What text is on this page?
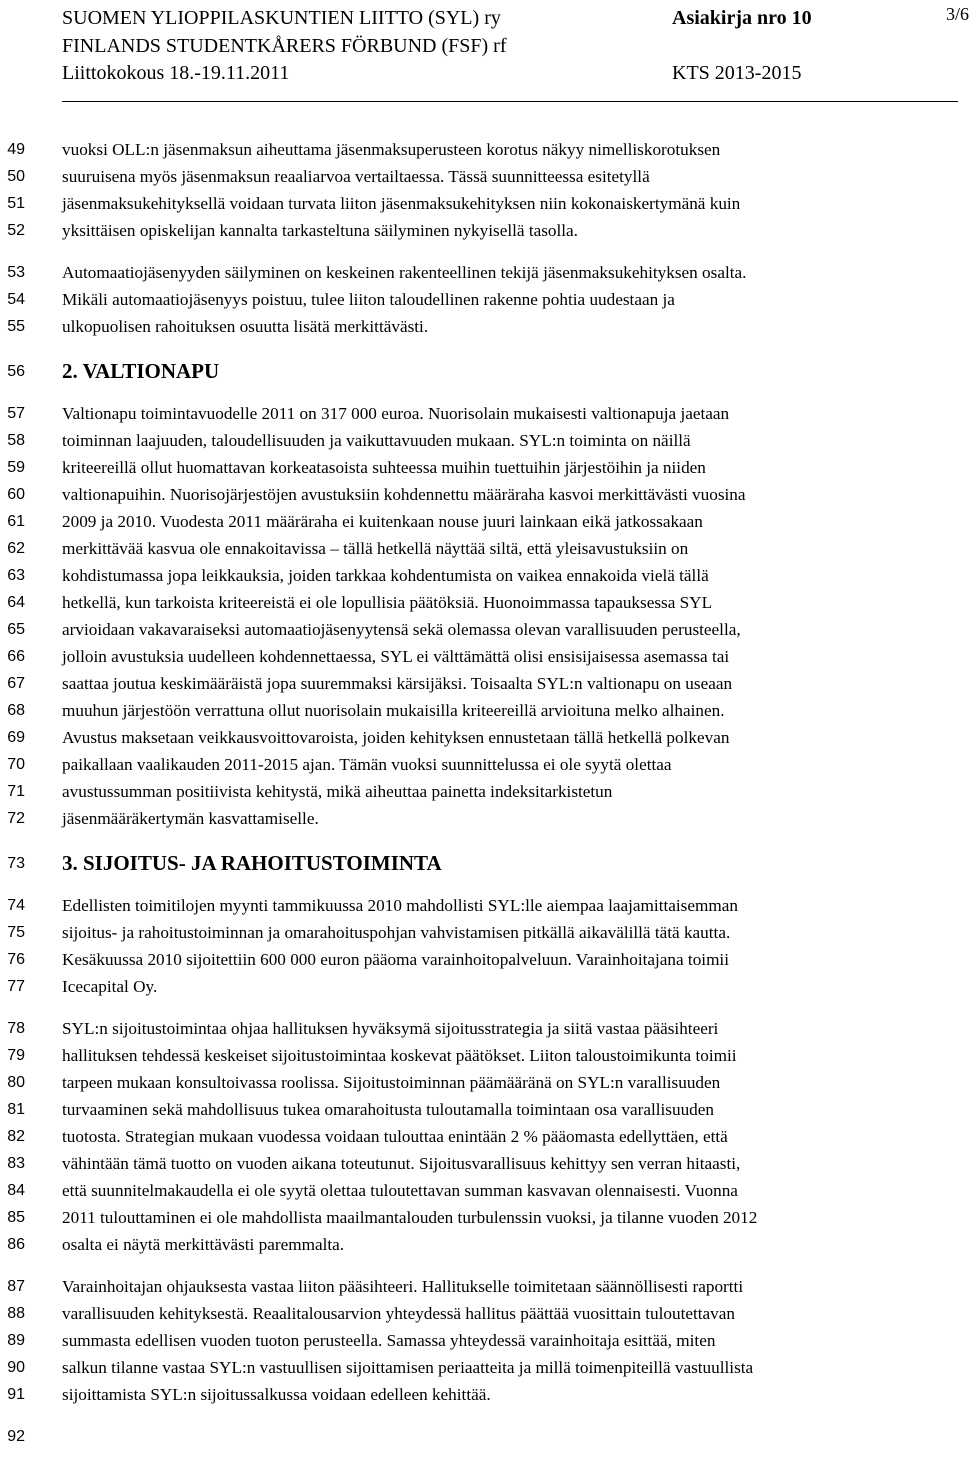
SUOMEN YLIOPPILASKUNTIEN LIITTO (SYL) ry	Asiakirja nro 10	3/6
FINLANDS STUDENTKÅRERS FÖRBUND (FSF) rf
Liittokokous 18.-19.11.2011	KTS 2013-2015
49 vuoksi OLL:n jäsenmaksun aiheuttama jäsenmaksuperusteen korotus näkyy nimelliskorotuksen
50 suuruisena myös jäsenmaksun reaaliarvoa vertailtaessa. Tässä suunnitteessa esitetyllä
51 jäsenmaksukehityksellä voidaan turvata liiton jäsenmaksukehityksen niin kokonaiskertymänä kuin
52 yksittäisen opiskelijan kannalta tarkasteltuna säilyminen nykyisellä tasolla.
53 Automaatiojäsenyyden säilyminen on keskeinen rakenteellinen tekijä jäsenmaksukehityksen osalta.
54 Mikäli automaatiojäsenyys poistuu, tulee liiton taloudellinen rakenne pohtia uudestaan ja
55 ulkopuolisen rahoituksen osuutta lisätä merkittävästi.
56 2. VALTIONAPU
57 Valtionapu toimintavuodelle 2011 on 317 000 euroa. Nuorisolain mukaisesti valtionapuja jaetaan
58 toiminnan laajuuden, taloudellisuuden ja vaikuttavuuden mukaan. SYL:n toiminta on näillä
59 kriteereillä ollut huomattavan korkeatasoista suhteessa muihin tuettuihin järjestöihin ja niiden
60 valtionapuihin. Nuorisojärjestöjen avustuksiin kohdennettu määräraha kasvoi merkittävästi vuosina
61 2009 ja 2010. Vuodesta 2011 määräraha ei kuitenkaan nouse juuri lainkaan eikä jatkossakaan
62 merkittävää kasvua ole ennakoitavissa – tällä hetkellä näyttää siltä, että yleisavustuksiin on
63 kohdistumassa jopa leikkauksia, joiden tarkkaa kohdentumista on vaikea ennakoida vielä tällä
64 hetkellä, kun tarkoista kriteereistä ei ole lopullisia päätöksiä. Huonoimmassa tapauksessa SYL
65 arvioidaan vakavaraiseksi automaatiojäsenyytensä sekä olemassa olevan varallisuuden perusteella,
66 jolloin avustuksia uudelleen kohdennettaessa, SYL ei välttämättä olisi ensisijaisessa asemassa tai
67 saattaa joutua keskimääräistä jopa suuremmaksi kärsijäksi. Toisaalta SYL:n valtionapu on useaan
68 muuhun järjestöön verrattuna ollut nuorisolain mukaisilla kriteereillä arvioituna melko alhainen.
69 Avustus maksetaan veikkausvoittovaroista, joiden kehityksen ennustetaan tällä hetkellä polkevan
70 paikallaan vaalikauden 2011-2015 ajan. Tämän vuoksi suunnittelussa ei ole syytä olettaa
71 avustussumman positiivista kehitystä, mikä aiheuttaa painetta indeksitarkistetun
72 jäsenmääräkertymän kasvattamiselle.
73 3. SIJOITUS- JA RAHOITUSTOIMINTA
74 Edellisten toimitilojen myynti tammikuussa 2010 mahdollisti SYL:lle aiempaa laajamittaisemman
75 sijoitus- ja rahoitustoiminnan ja omarahoituspohjan vahvistamisen pitkällä aikavälillä tätä kautta.
76 Kesäkuussa 2010 sijoitettiin 600 000 euron pääoma varainhoitopalveluun. Varainhoitajana toimii
77 Icecapital Oy.
78 SYL:n sijoitustoimintaa ohjaa hallituksen hyväksymä sijoitusstrategia ja siitä vastaa pääsihteeri
79 hallituksen tehdessä keskeiset sijoitustoimintaa koskevat päätökset. Liiton taloustoimikunta toimii
80 tarpeen mukaan konsultoivassa roolissa. Sijoitustoiminnan päämääränä on SYL:n varallisuuden
81 turvaaminen sekä mahdollisuus tukea omarahoitusta tuloutamalla toimintaan osa varallisuuden
82 tuotosta. Strategian mukaan vuodessa voidaan tulouttaa enintään 2 % pääomasta edellyttäen, että
83 vähintään tämä tuotto on vuoden aikana toteutunut. Sijoitusvarallisuus kehittyy sen verran hitaasti,
84 että suunnitelmakaudella ei ole syytä olettaa tuloutettavan summan kasvavan olennaisesti. Vuonna
85 2011 tulouttaminen ei ole mahdollista maailmantalouden turbulenssin vuoksi, ja tilanne vuoden 2012
86 osalta ei näytä merkittävästi paremmalta.
87 Varainhoitajan ohjauksesta vastaa liiton pääsihteeri. Hallitukselle toimitetaan säännöllisesti raportti
88 varallisuuden kehityksestä. Reaalitalousarvion yhteydessä hallitus päättää vuosittain tuloutettavan
89 summasta edellisen vuoden tuoton perusteella. Samassa yhteydessä varainhoitaja esittää, miten
90 salkun tilanne vastaa SYL:n vastuullisen sijoittamisen periaatteita ja millä toimenpiteillä vastuullista
91 sijoittamista SYL:n sijoitussalkussa voidaan edelleen kehittää.
92
